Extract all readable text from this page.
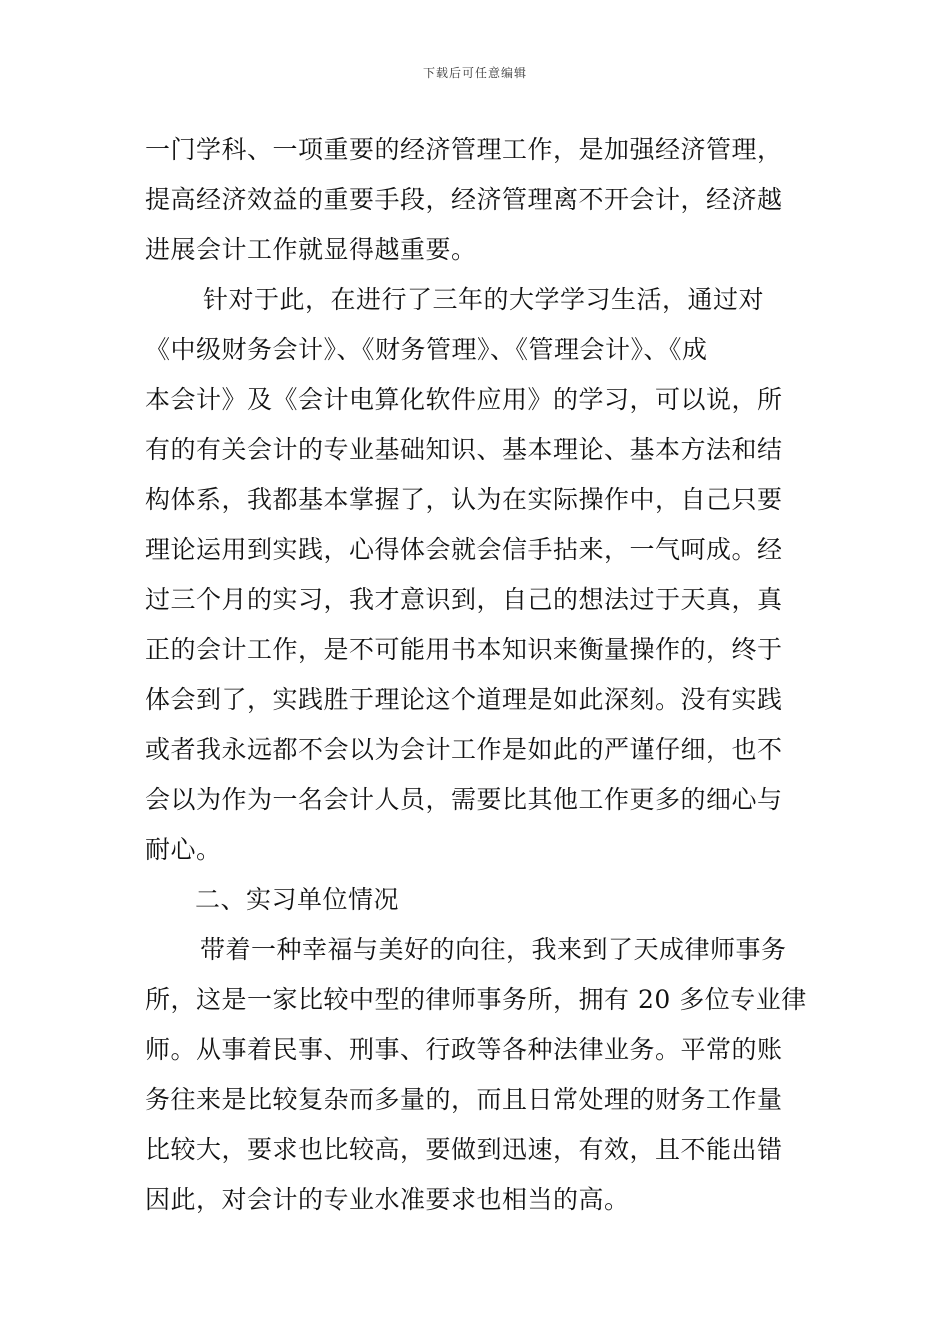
下载后可任意编辑
一门学科、一项重要的经济管理工作，是加强经济管理，
提高经济效益的重要手段，经济管理离不开会计，经济越
进展会计工作就显得越重要。
针对于此，在进行了三年的大学学习生活，通过对
《中级财务会计》、《财务管理》、《管理会计》、《成
本会计》及《会计电算化软件应用》的学习，可以说，所
有的有关会计的专业基础知识、基本理论、基本方法和结
构体系，我都基本掌握了，认为在实际操作中，自己只要
理论运用到实践，心得体会就会信手拈来，一气呵成。经
过三个月的实习，我才意识到，自己的想法过于天真，真
正的会计工作，是不可能用书本知识来衡量操作的，终于
体会到了，实践胜于理论这个道理是如此深刻。没有实践
或者我永远都不会以为会计工作是如此的严谨仔细，也不
会以为作为一名会计人员，需要比其他工作更多的细心与
耐心。
二、实习单位情况
带着一种幸福与美好的向往，我来到了天成律师事务
所，这是一家比较中型的律师事务所，拥有 20 多位专业律
师。从事着民事、刑事、行政等各种法律业务。平常的账
务往来是比较复杂而多量的，而且日常处理的财务工作量
比较大，要求也比较高，要做到迅速，有效，且不能出错
因此，对会计的专业水准要求也相当的高。
